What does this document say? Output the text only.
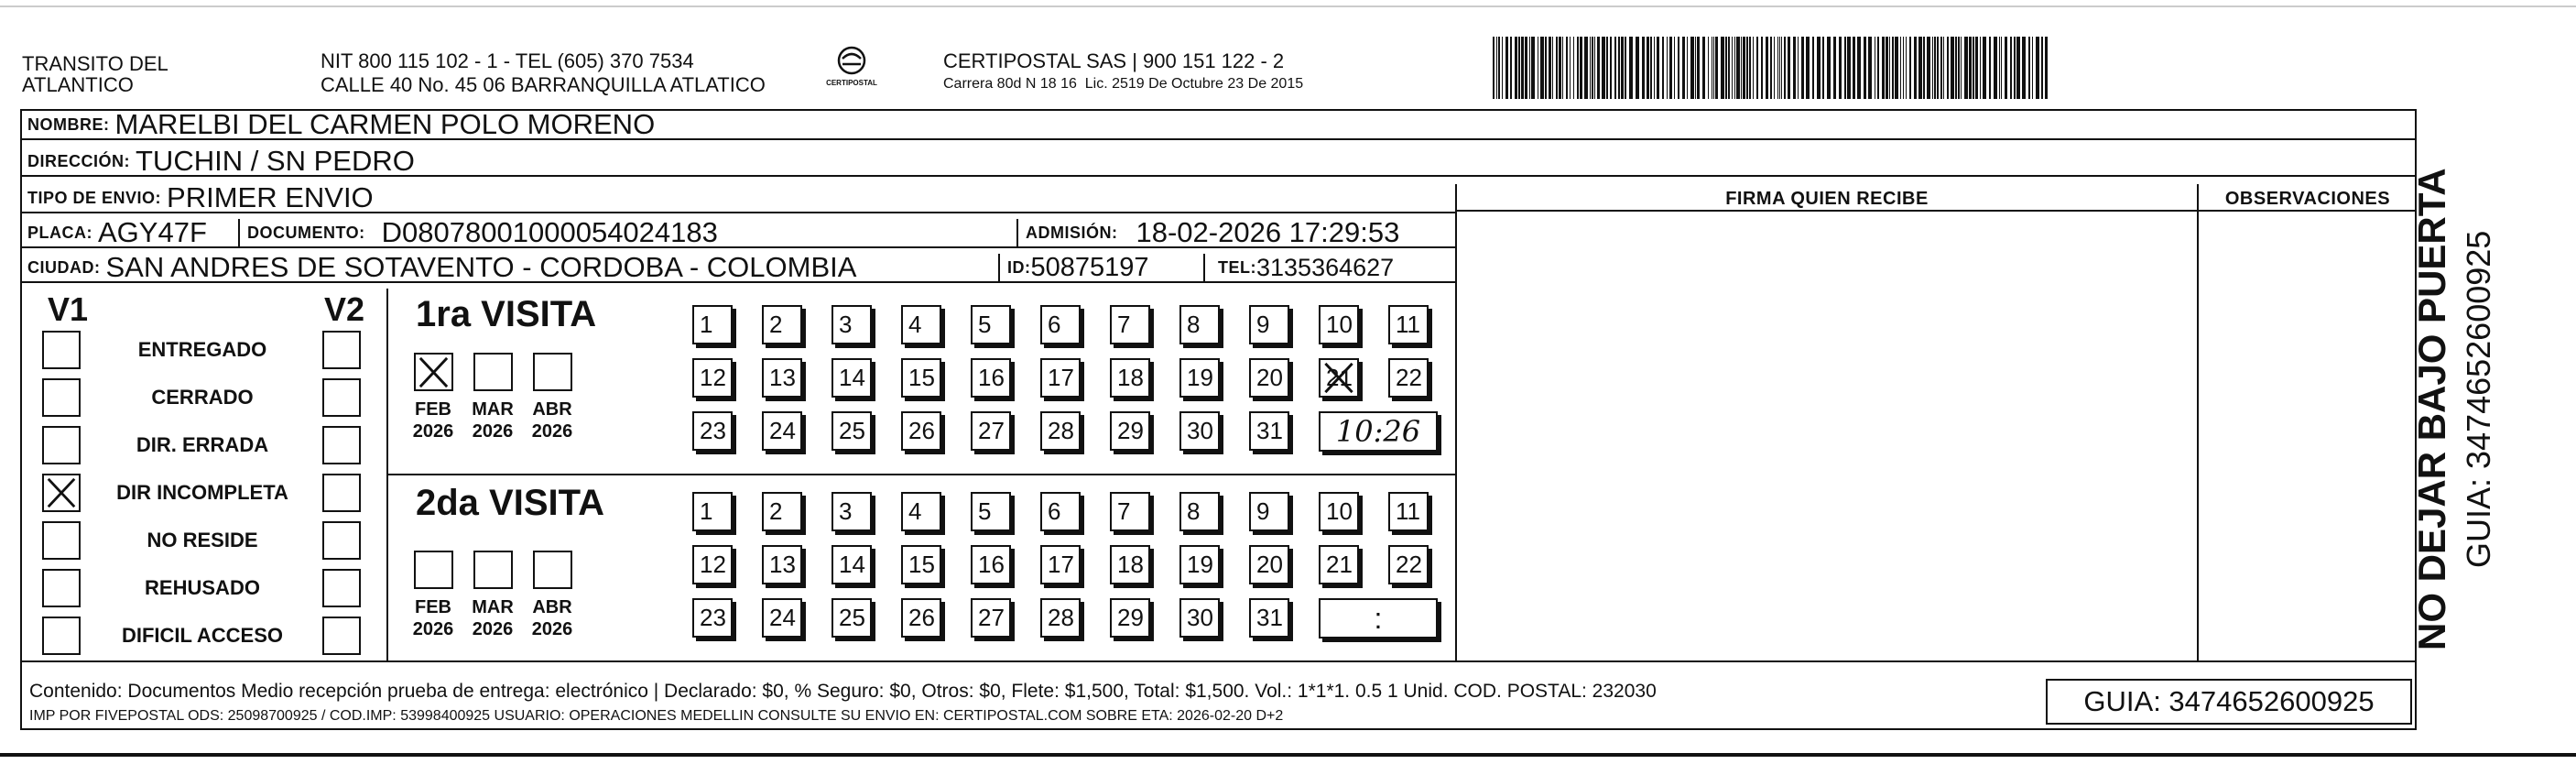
TRANSITO DEL
ATLANTICO
NIT 800 115 102 - 1 - TEL (605) 370 7534
CALLE 40 No. 45 06 BARRANQUILLA ATLATICO	CERTIPOSTAL
CERTIPOSTAL SAS | 900 151 122 - 2
Carrera 80d N 18 16  Lic. 2519 De Octubre 23 De 2015
NOMBRE: MARELBI DEL CARMEN POLO MORENO
DIRECCIÓN: TUCHIN / SN PEDRO
TIPO DE ENVIO: PRIMER ENVIO
PLACA: AGY47F DOCUMENTO: D08078001000054024183	ADMISIÓN: 18-02-2026 17:29:53
CIUDAD: SAN ANDRES DE SOTAVENTO - CORDOBA - COLOMBIA	ID: 50875197	TEL: 3135364627
FIRMA QUIEN RECIBE	OBSERVACIONES
V1	V2
ENTREGADO
CERRADO
DIR. ERRADA
DIR INCOMPLETA
NO RESIDE
REHUSADO
DIFICIL ACCESO
1ra VISITA
FEB
2026
MAR
2026
ABR
2026
1	2	3	4	5	6	7	8	9	10	11
12	13	14	15	16	17	18	19	20	21	22
23	24	25	26	27	28	29	30	31	10:26
2da VISITA
FEB
2026
MAR
2026
ABR
2026
1	2	3	4	5	6	7	8	9	10	11
12	13	14	15	16	17	18	19	20	21	22
23	24	25	26	27	28	29	30	31	:
Contenido: Documentos Medio recepción prueba de entrega: electrónico | Declarado: $0, % Seguro: $0, Otros: $0, Flete: $1,500, Total: $1,500. Vol.: 1*1*1. 0.5 1 Unid. COD. POSTAL: 232030
IMP POR FIVEPOSTAL ODS: 25098700925 / COD.IMP: 53998400925 USUARIO: OPERACIONES MEDELLIN CONSULTE SU ENVIO EN: CERTIPOSTAL.COM SOBRE ETA: 2026-02-20 D+2	GUIA: 3474652600925
NO DEJAR BAJO PUERTA GUIA: 3474652600925
